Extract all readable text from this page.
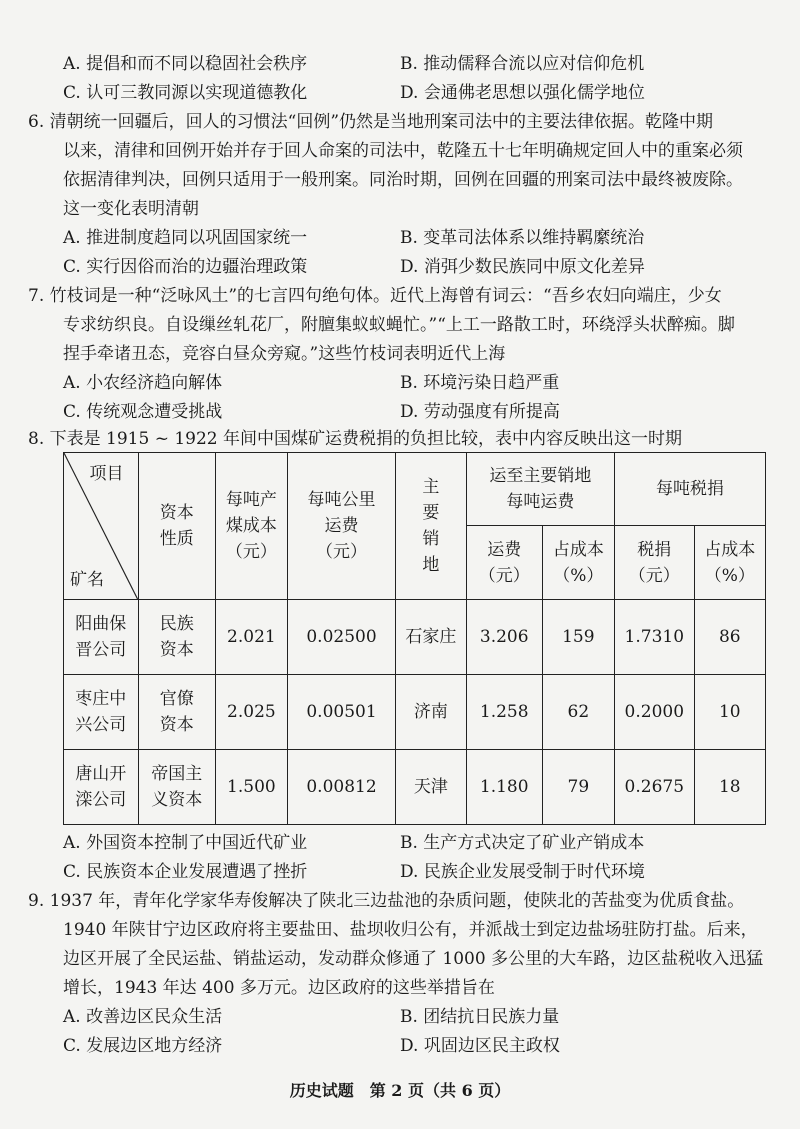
A. 提倡和而不同以稳固社会秩序	B. 推动儒释合流以应对信仰危机
C. 认可三教同源以实现道德教化	D. 会通佛老思想以强化儒学地位
6. 清朝统一回疆后，回人的习惯法“回例”仍然是当地刑案司法中的主要法律依据。乾隆中期
以来，清律和回例开始并存于回人命案的司法中，乾隆五十七年明确规定回人中的重案必须
依据清律判决，回例只适用于一般刑案。同治时期，回例在回疆的刑案司法中最终被废除。
这一变化表明清朝
A. 推进制度趋同以巩固国家统一	B. 变革司法体系以维持羁縻统治
C. 实行因俗而治的边疆治理政策	D. 消弭少数民族同中原文化差异
7. 竹枝词是一种“泛咏风土”的七言四句绝句体。近代上海曾有词云：“吾乡农妇向端庄，少女
专求纺织良。自设缫丝轧花厂，附膻集蚁蚁蝇忙。”“上工一路散工时，环绕浮头状醉痴。脚
捏手牵诸丑态，竞容白昼众旁窥。”这些竹枝词表明近代上海
A. 小农经济趋向解体	B. 环境污染日趋严重
C. 传统观念遭受挑战	D. 劳动强度有所提高
8. 下表是 1915 ~ 1922 年间中国煤矿运费税捐的负担比较，表中内容反映出这一时期
项目
矿名	资本性质	每吨产煤成本（元）	每吨公里运费（元）	主要销地	运至主要销地每吨运费		每吨税捐	
					运费（元）	占成本（%）	税捐（元）	占成本（%）
阳曲保晋公司	民族资本	2.021	0.02500	石家庄	3.206	159	1.7310	86
枣庄中兴公司	官僚资本	2.025	0.00501	济南	1.258	62	0.2000	10
唐山开滦公司	帝国主义资本	1.500	0.00812	天津	1.180	79	0.2675	18
A. 外国资本控制了中国近代矿业	B. 生产方式决定了矿业产销成本
C. 民族资本企业发展遭遇了挫折	D. 民族企业发展受制于时代环境
9. 1937 年，青年化学家华寿俊解决了陕北三边盐池的杂质问题，使陕北的苦盐变为优质食盐。
1940 年陕甘宁边区政府将主要盐田、盐坝收归公有，并派战士到定边盐场驻防打盐。后来，
边区开展了全民运盐、销盐运动，发动群众修通了 1000 多公里的大车路，边区盐税收入迅猛
增长，1943 年达 400 多万元。边区政府的这些举措旨在
A. 改善边区民众生活	B. 团结抗日民族力量
C. 发展边区地方经济	D. 巩固边区民主政权
历史试题　第 2 页（共 6 页）
